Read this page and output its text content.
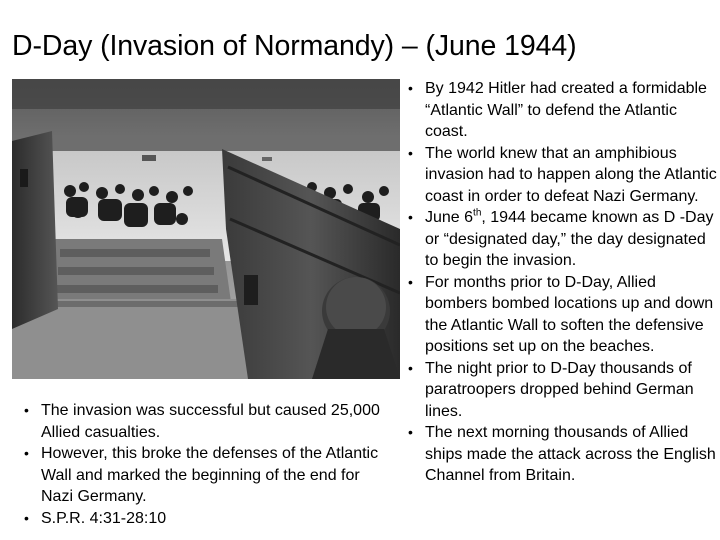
D-Day (Invasion of Normandy) – (June 1944)
• The invasion was successful but caused 25,000 Allied casualties.
• However, this broke the defenses of the Atlantic Wall and marked the beginning of the end for Nazi Germany.
• S.P.R. 4:31-28:10
• By 1942 Hitler had created a formidable “Atlantic Wall” to defend the Atlantic coast.
• The world knew that an amphibious invasion had to happen along the Atlantic coast in order to defeat Nazi Germany.
• June 6th, 1944 became known as D -Day or “designated day,” the day designated to begin the invasion.
• For months prior to D-Day, Allied bombers bombed locations up and down the Atlantic Wall to soften the defensive positions set up on the beaches.
• The night prior to D-Day thousands of paratroopers dropped behind German lines.
• The next morning thousands of Allied ships made the attack across the English Channel from Britain.
